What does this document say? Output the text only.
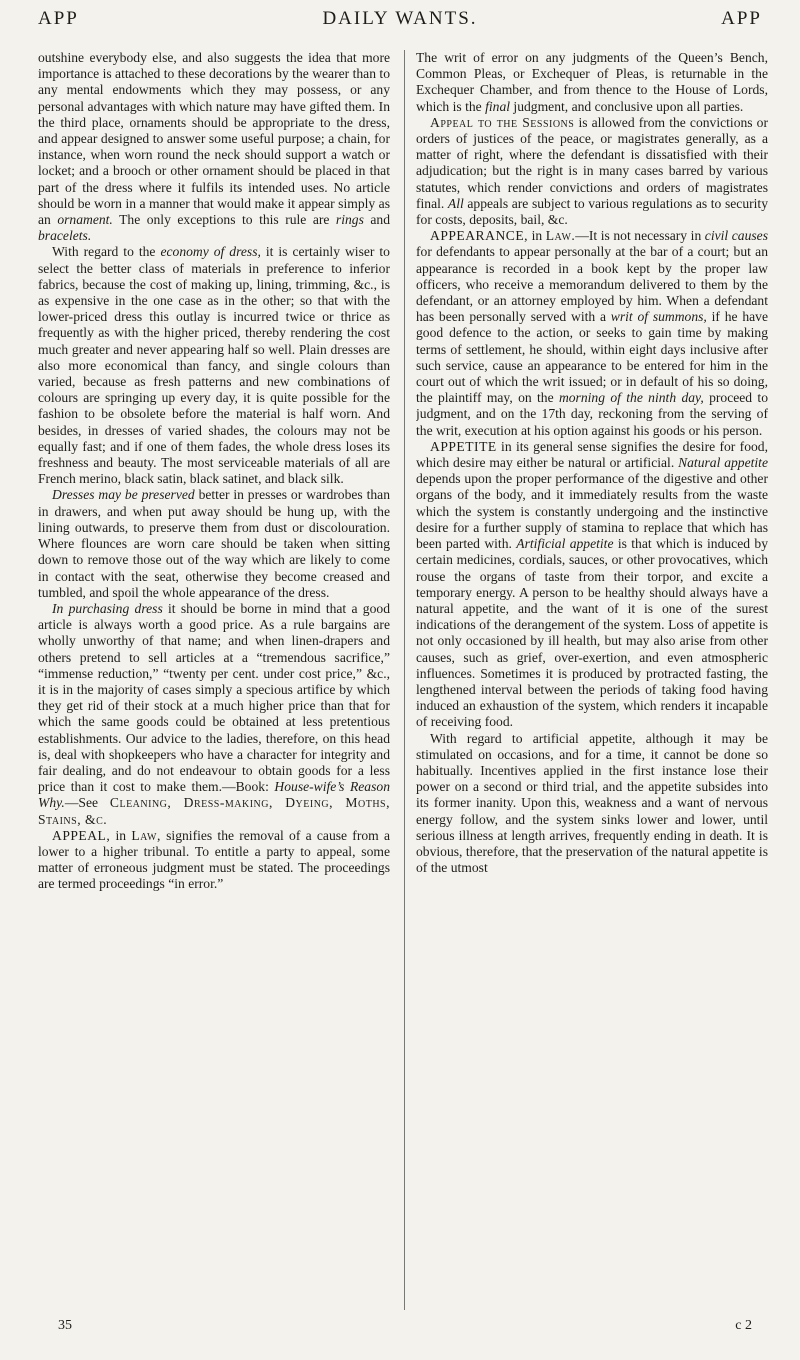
APP	DAILY WANTS.	APP

outshine everybody else, and also suggests the idea that more importance is attached to these decorations by the wearer than to any mental endowments which they may possess, or any personal advantages with which nature may have gifted them. In the third place, ornaments should be appropriate to the dress, and appear designed to answer some useful purpose; a chain, for instance, when worn round the neck should support a watch or locket; and a brooch or other ornament should be placed in that part of the dress where it fulfils its intended uses. No article should be worn in a manner that would make it appear simply as an ornament. The only exceptions to this rule are rings and bracelets.

With regard to the economy of dress, it is certainly wiser to select the better class of materials in preference to inferior fabrics, because the cost of making up, lining, trimming, &c., is as expensive in the one case as in the other; so that with the lower-priced dress this outlay is incurred twice or thrice as frequently as with the higher priced, thereby rendering the cost much greater and never appearing half so well. Plain dresses are also more economical than fancy, and single colours than varied, because as fresh patterns and new combinations of colours are springing up every day, it is quite possible for the fashion to be obsolete before the material is half worn. And besides, in dresses of varied shades, the colours may not be equally fast; and if one of them fades, the whole dress loses its freshness and beauty. The most serviceable materials of all are French merino, black satin, black satinet, and black silk.

Dresses may be preserved better in presses or wardrobes than in drawers, and when put away should be hung up, with the lining outwards, to preserve them from dust or discolouration. Where flounces are worn care should be taken when sitting down to remove those out of the way which are likely to come in contact with the seat, otherwise they become creased and tumbled, and spoil the whole appearance of the dress.

In purchasing dress it should be borne in mind that a good article is always worth a good price. As a rule bargains are wholly unworthy of that name; and when linen-drapers and others pretend to sell articles at a “tremendous sacrifice,” “immense reduction,” “twenty per cent. under cost price,” &c., it is in the majority of cases simply a specious artifice by which they get rid of their stock at a much higher price than that for which the same goods could be obtained at less pretentious establishments. Our advice to the ladies, therefore, on this head is, deal with shopkeepers who have a character for integrity and fair dealing, and do not endeavour to obtain goods for a less price than it cost to make them.—Book: House-wife’s Reason Why.—See Cleaning, Dress-making, Dyeing, Moths, Stains, &c.

APPEAL, in Law, signifies the removal of a cause from a lower to a higher tribunal. To entitle a party to appeal, some matter of erroneous judgment must be stated. The proceedings are termed proceedings “in error.”

The writ of error on any judgments of the Queen’s Bench, Common Pleas, or Exchequer of Pleas, is returnable in the Exchequer Chamber, and from thence to the House of Lords, which is the final judgment, and conclusive upon all parties.

Appeal to the Sessions is allowed from the convictions or orders of justices of the peace, or magistrates generally, as a matter of right, where the defendant is dissatisfied with their adjudication; but the right is in many cases barred by various statutes, which render convictions and orders of magistrates final. All appeals are subject to various regulations as to security for costs, deposits, bail, &c.

APPEARANCE, in Law.—It is not necessary in civil causes for defendants to appear personally at the bar of a court; but an appearance is recorded in a book kept by the proper law officers, who receive a memorandum delivered to them by the defendant, or an attorney employed by him. When a defendant has been personally served with a writ of summons, if he have good defence to the action, or seeks to gain time by making terms of settlement, he should, within eight days inclusive after such service, cause an appearance to be entered for him in the court out of which the writ issued; or in default of his so doing, the plaintiff may, on the morning of the ninth day, proceed to judgment, and on the 17th day, reckoning from the serving of the writ, execution at his option against his goods or his person.

APPETITE in its general sense signifies the desire for food, which desire may either be natural or artificial. Natural appetite depends upon the proper performance of the digestive and other organs of the body, and it immediately results from the waste which the system is constantly undergoing and the instinctive desire for a further supply of stamina to replace that which has been parted with. Artificial appetite is that which is induced by certain medicines, cordials, sauces, or other provocatives, which rouse the organs of taste from their torpor, and excite a temporary energy. A person to be healthy should always have a natural appetite, and the want of it is one of the surest indications of the derangement of the system. Loss of appetite is not only occasioned by ill health, but may also arise from other causes, such as grief, over-exertion, and even atmospheric influences. Sometimes it is produced by protracted fasting, the lengthened interval between the periods of taking food having induced an exhaustion of the system, which renders it incapable of receiving food.

With regard to artificial appetite, although it may be stimulated on occasions, and for a time, it cannot be done so habitually. Incentives applied in the first instance lose their power on a second or third trial, and the appetite subsides into its former inanity. Upon this, weakness and a want of nervous energy follow, and the system sinks lower and lower, until serious illness at length arrives, frequently ending in death. It is obvious, therefore, that the preservation of the natural appetite is of the utmost

35	c 2
